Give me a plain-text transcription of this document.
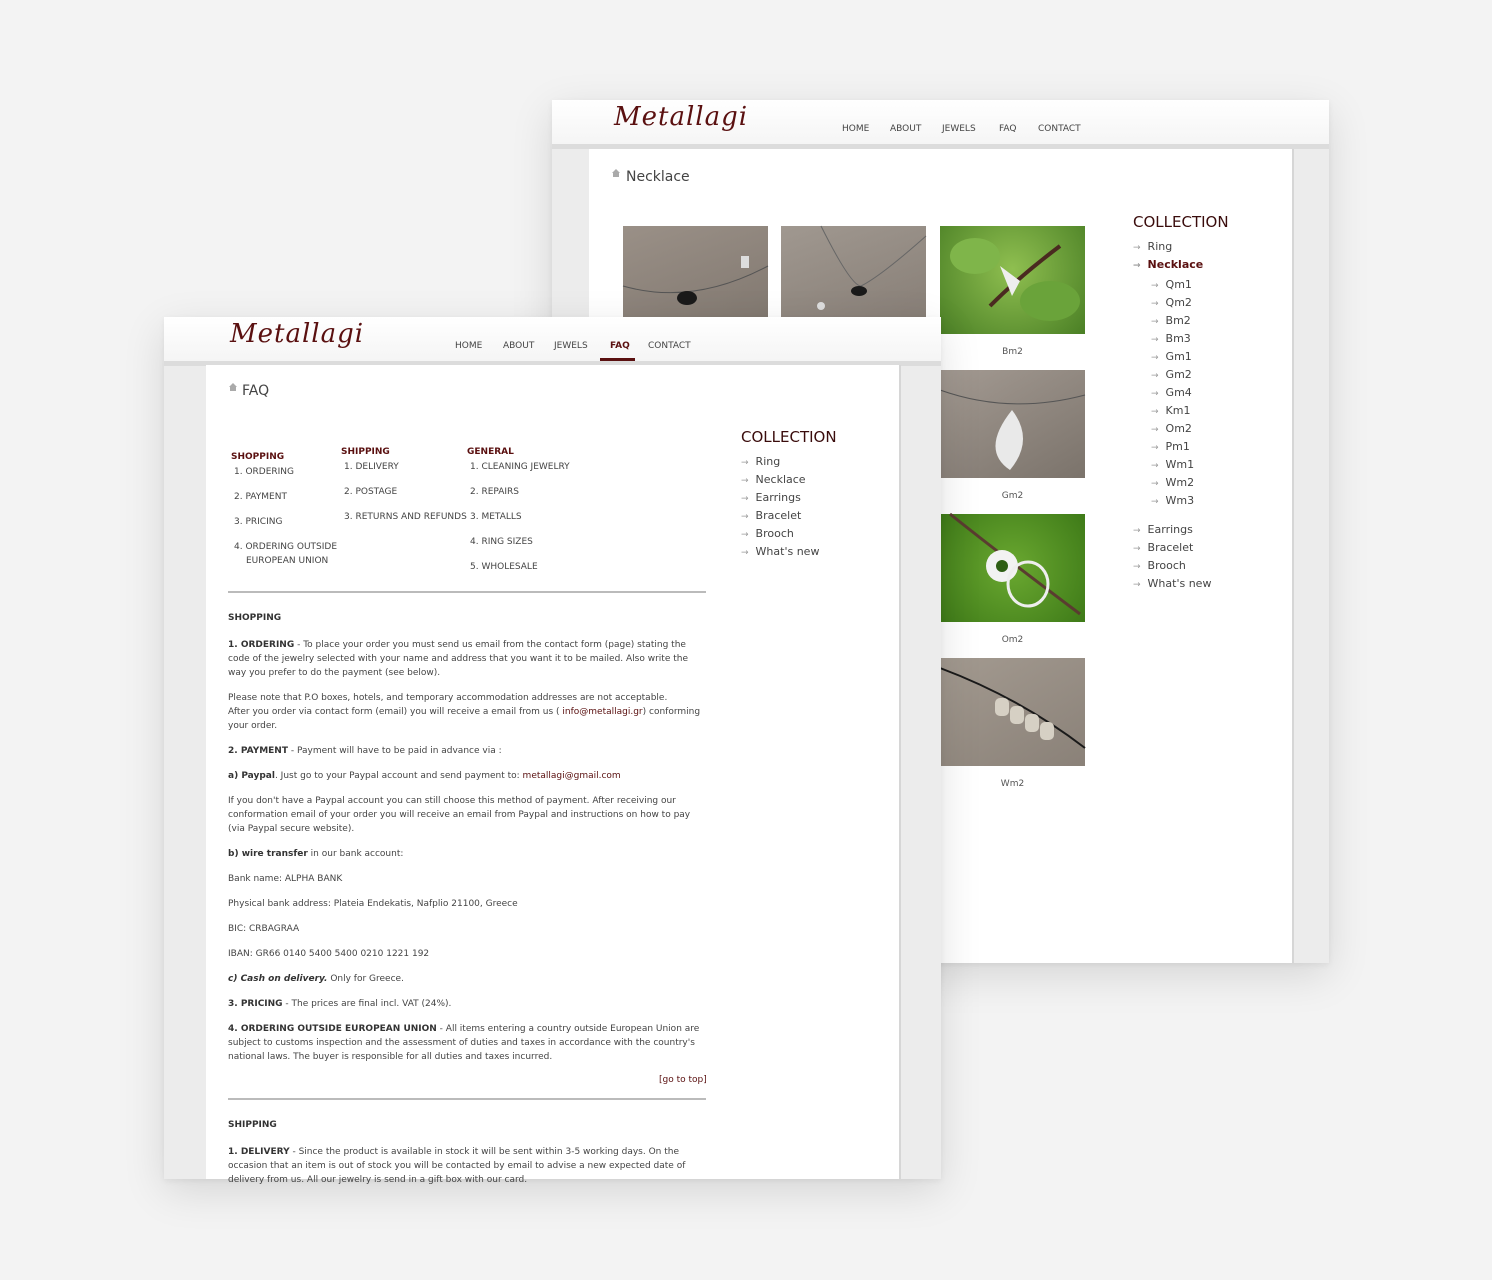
Metallagi	HOME ABOUT JEWELS	FAQ CONTACT
Necklace
Bm2
Gm2
Om2
Wm2
COLLECTION
→ Ring
→ Necklace
→ Qm1
→ Qm2
→ Bm2
→ Bm3
→ Gm1
→ Gm2
→ Gm4
→ Km1
→ Om2
→ Pm1
→ Wm1
→ Wm2
→ Wm3
→ Earrings
→ Bracelet
→ Brooch
→ What's new
Metallagi	HOME ABOUT JEWELS FAQ CONTACT
FAQ
SHOPPING
1. ORDERING
2. PAYMENT
3. PRICING
4. ORDERING OUTSIDE
EUROPEAN UNION
SHIPPING
1. DELIVERY
2. POSTAGE
3. RETURNS AND REFUNDS
GENERAL
1. CLEANING JEWELRY
2. REPAIRS
3. METALLS
4. RING SIZES
5. WHOLESALE
SHOPPING
1. ORDERING - To place your order you must send us email from the contact form (page) stating the code of the jewelry selected with your name and address that you want it to be mailed. Also write the way you prefer to do the payment (see below).
Please note that P.O boxes, hotels, and temporary accommodation addresses are not acceptable.
After you order via contact form (email) you will receive a email from us ( info@metallagi.gr) conforming your order.
2. PAYMENT - Payment will have to be paid in advance via :
a) Paypal. Just go to your Paypal account and send payment to: metallagi@gmail.com
If you don't have a Paypal account you can still choose this method of payment. After receiving our conformation email of your order you will receive an email from Paypal and instructions on how to pay (via Paypal secure website).
b) wire transfer in our bank account:
Bank name: ALPHA BANK
Physical bank address: Plateia Endekatis, Nafplio 21100, Greece
BIC: CRBAGRAA
IBAN: GR66 0140 5400 5400 0210 1221 192
c) Cash on delivery. Only for Greece.
3. PRICING - The prices are final incl. VAT (24%).
4. ORDERING OUTSIDE EUROPEAN UNION - All items entering a country outside European Union are subject to customs inspection and the assessment of duties and taxes in accordance with the country's national laws. The buyer is responsible for all duties and taxes incurred.
[go to top]
SHIPPING
1. DELIVERY - Since the product is available in stock it will be sent within 3-5 working days. On the occasion that an item is out of stock you will be contacted by email to advise a new expected date of delivery from us. All our jewelry is send in a gift box with our card.
COLLECTION
→ Ring
→ Necklace
→ Earrings
→ Bracelet
→ Brooch
→ What's new
